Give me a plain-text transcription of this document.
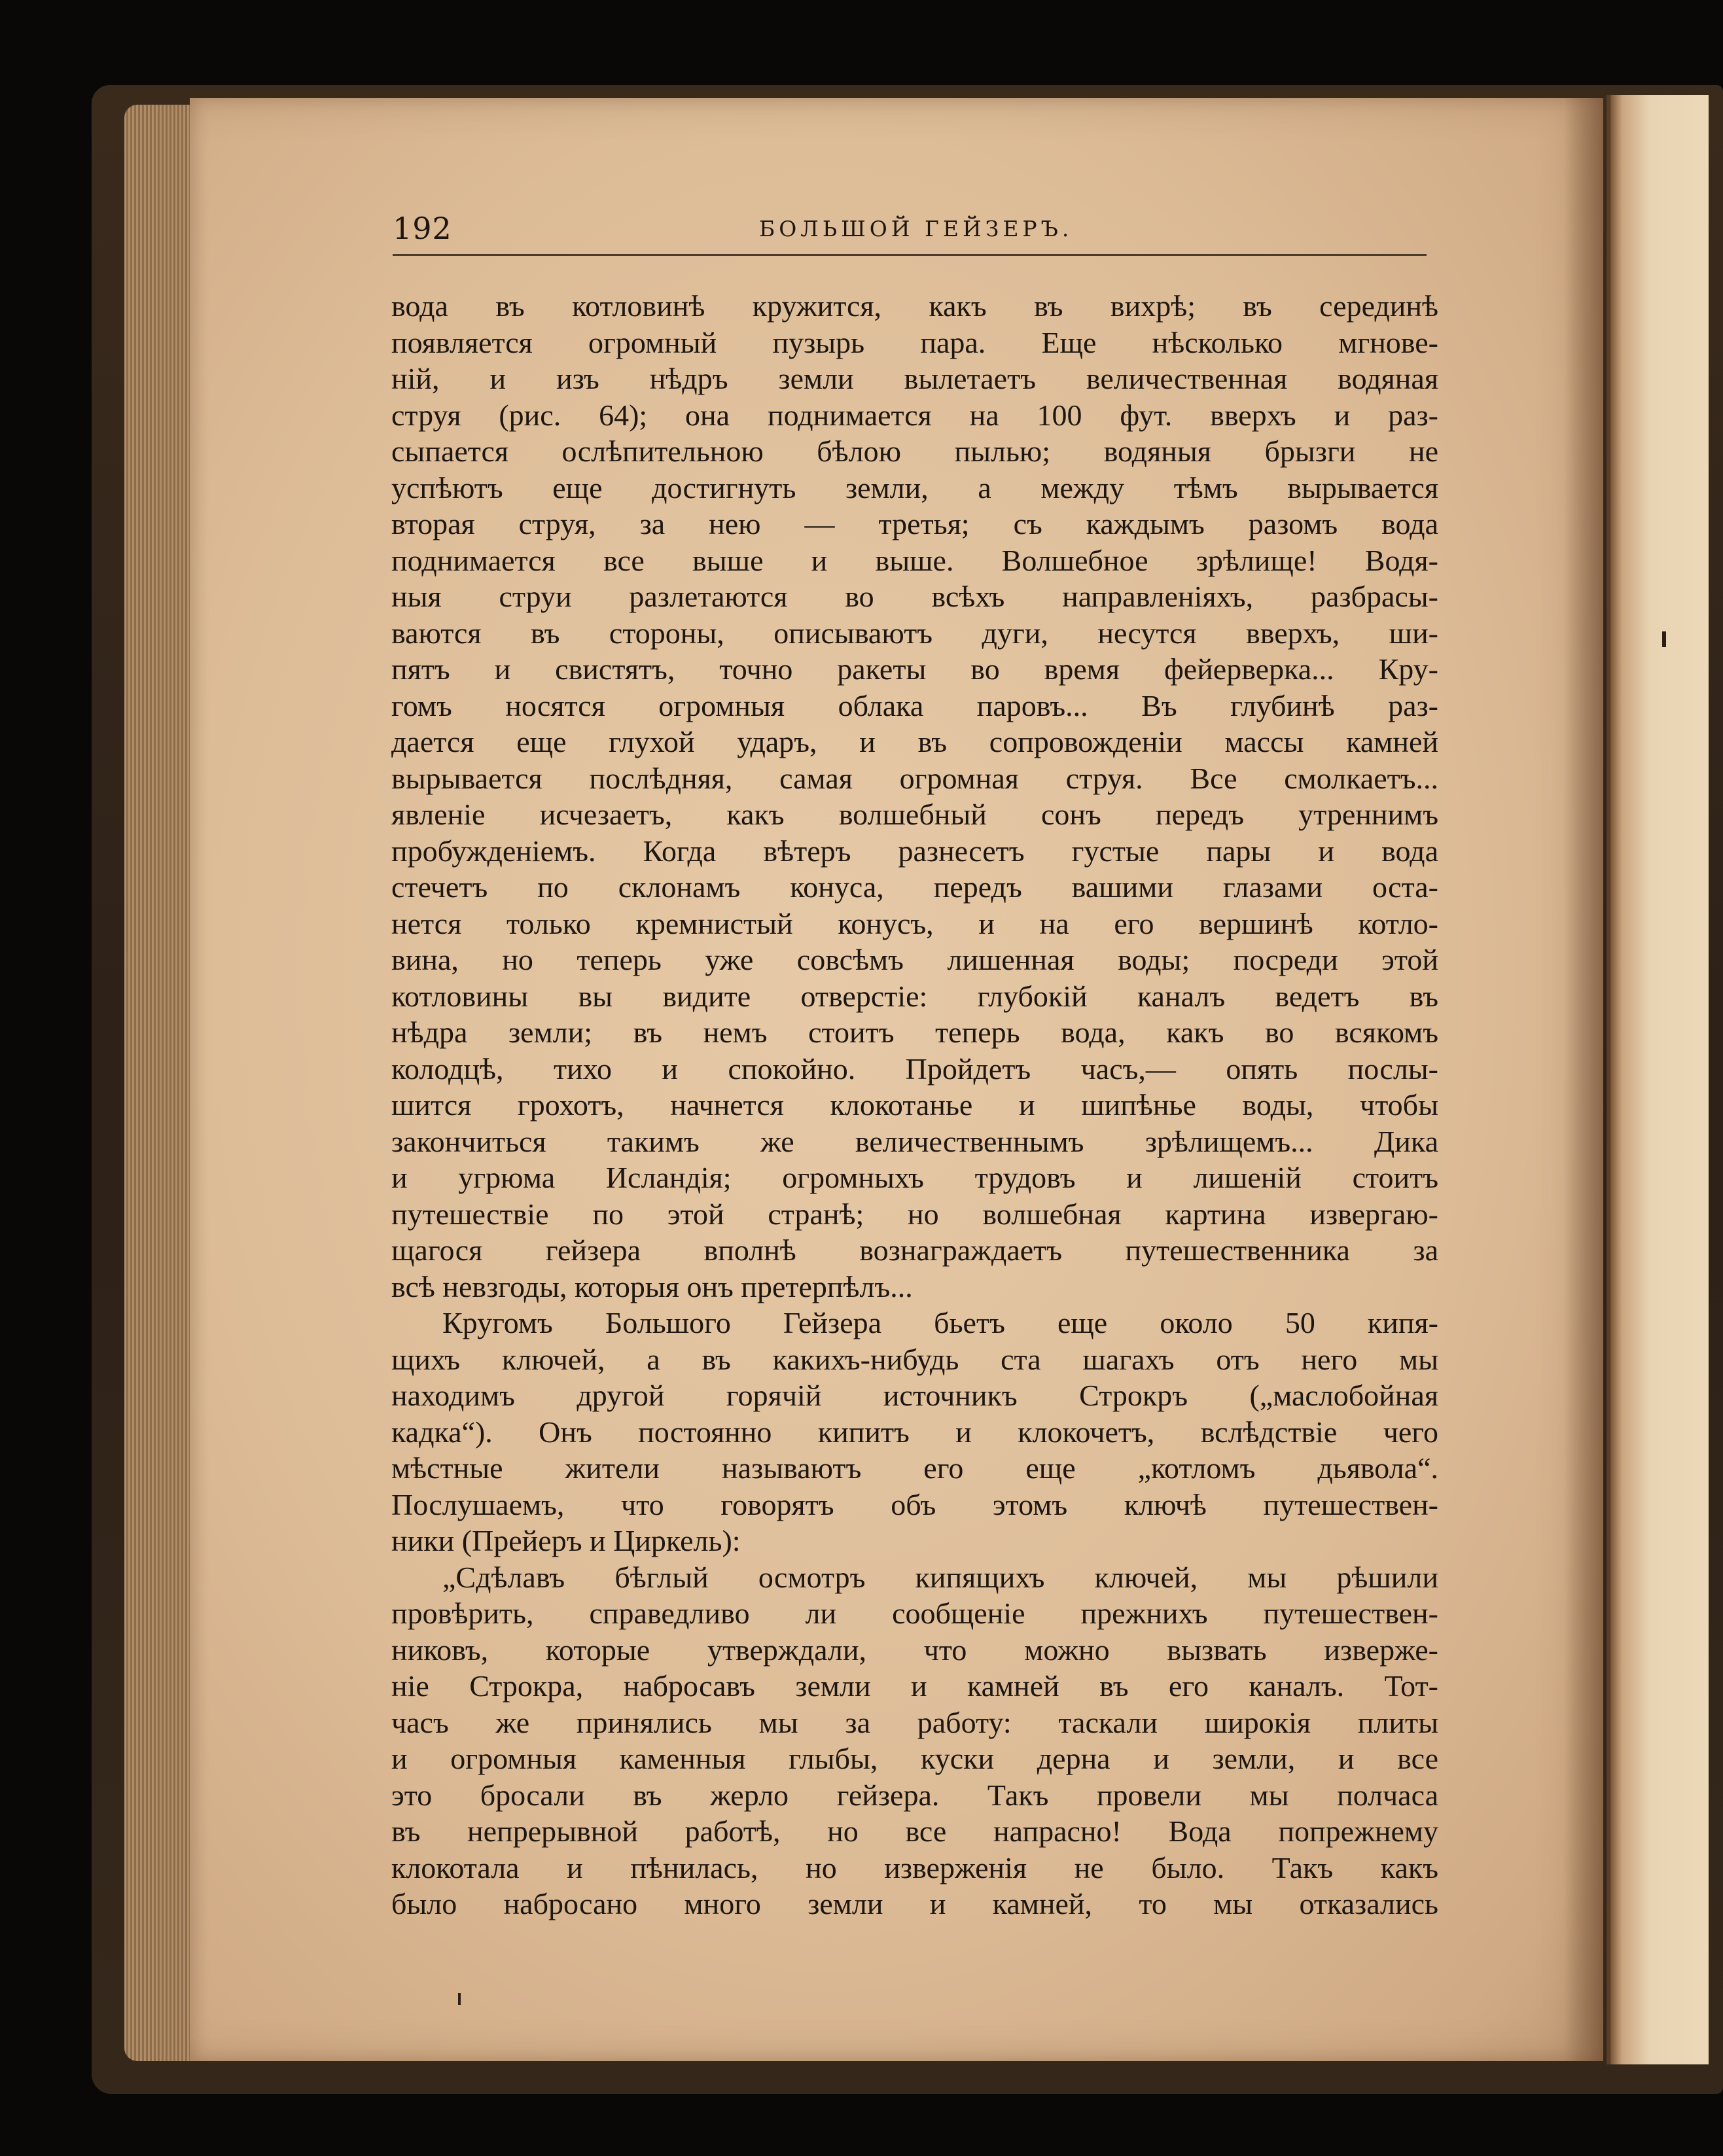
192	БОЛЬШОЙ ГЕЙЗЕРЪ.
вода въ котловинѣ кружится, какъ въ вихрѣ; въ серединѣ
появляется огромный пузырь пара. Еще нѣсколько мгнове-
ній, и изъ нѣдръ земли вылетаетъ величественная водяная
струя (рис. 64); она поднимается на 100 фут. вверхъ и раз-
сыпается ослѣпительною бѣлою пылью; водяныя брызги не
успѣютъ еще достигнуть земли, а между тѣмъ вырывается
вторая струя, за нею — третья; съ каждымъ разомъ вода
поднимается все выше и выше. Волшебное зрѣлище! Водя-
ныя струи разлетаются во всѣхъ направленіяхъ, разбрасы-
ваются въ стороны, описываютъ дуги, несутся вверхъ, ши-
пятъ и свистятъ, точно ракеты во время фейерверка... Кру-
гомъ носятся огромныя облака паровъ... Въ глубинѣ раз-
дается еще глухой ударъ, и въ сопровожденіи массы камней
вырывается послѣдняя, самая огромная струя. Все смолкаетъ...
явленіе исчезаетъ, какъ волшебный сонъ передъ утреннимъ
пробужденіемъ. Когда вѣтеръ разнесетъ густые пары и вода
стечетъ по склонамъ конуса, передъ вашими глазами оста-
нется только кремнистый конусъ, и на его вершинѣ котло-
вина, но теперь уже совсѣмъ лишенная воды; посреди этой
котловины вы видите отверстіе: глубокій каналъ ведетъ въ
нѣдра земли; въ немъ стоитъ теперь вода, какъ во всякомъ
колодцѣ, тихо и спокойно. Пройдетъ часъ,— опять послы-
шится грохотъ, начнется клокотанье и шипѣнье воды, чтобы
закончиться такимъ же величественнымъ зрѣлищемъ... Дика
и угрюма Исландія; огромныхъ трудовъ и лишеній стоитъ
путешествіе по этой странѣ; но волшебная картина извергаю-
щагося гейзера вполнѣ вознаграждаетъ путешественника за
всѣ невзгоды, которыя онъ претерпѣлъ...
Кругомъ Большого Гейзера бьетъ еще около 50 кипя-
щихъ ключей, а въ какихъ-нибудь ста шагахъ отъ него мы
находимъ другой горячій источникъ Строкръ („маслобойная
кадка“). Онъ постоянно кипитъ и клокочетъ, вслѣдствіе чего
мѣстные жители называютъ его еще „котломъ дьявола“.
Послушаемъ, что говорятъ объ этомъ ключѣ путешествен-
ники (Прейеръ и Циркель):
„Сдѣлавъ бѣглый осмотръ кипящихъ ключей, мы рѣшили
провѣрить, справедливо ли сообщеніе прежнихъ путешествен-
никовъ, которые утверждали, что можно вызвать изверже-
ніе Строкра, набросавъ земли и камней въ его каналъ. Тот-
часъ же принялись мы за работу: таскали широкія плиты
и огромныя каменныя глыбы, куски дерна и земли, и все
это бросали въ жерло гейзера. Такъ провели мы полчаса
въ непрерывной работѣ, но все напрасно! Вода попрежнему
клокотала и пѣнилась, но изверженія не было. Такъ какъ
было набросано много земли и камней, то мы отказались
